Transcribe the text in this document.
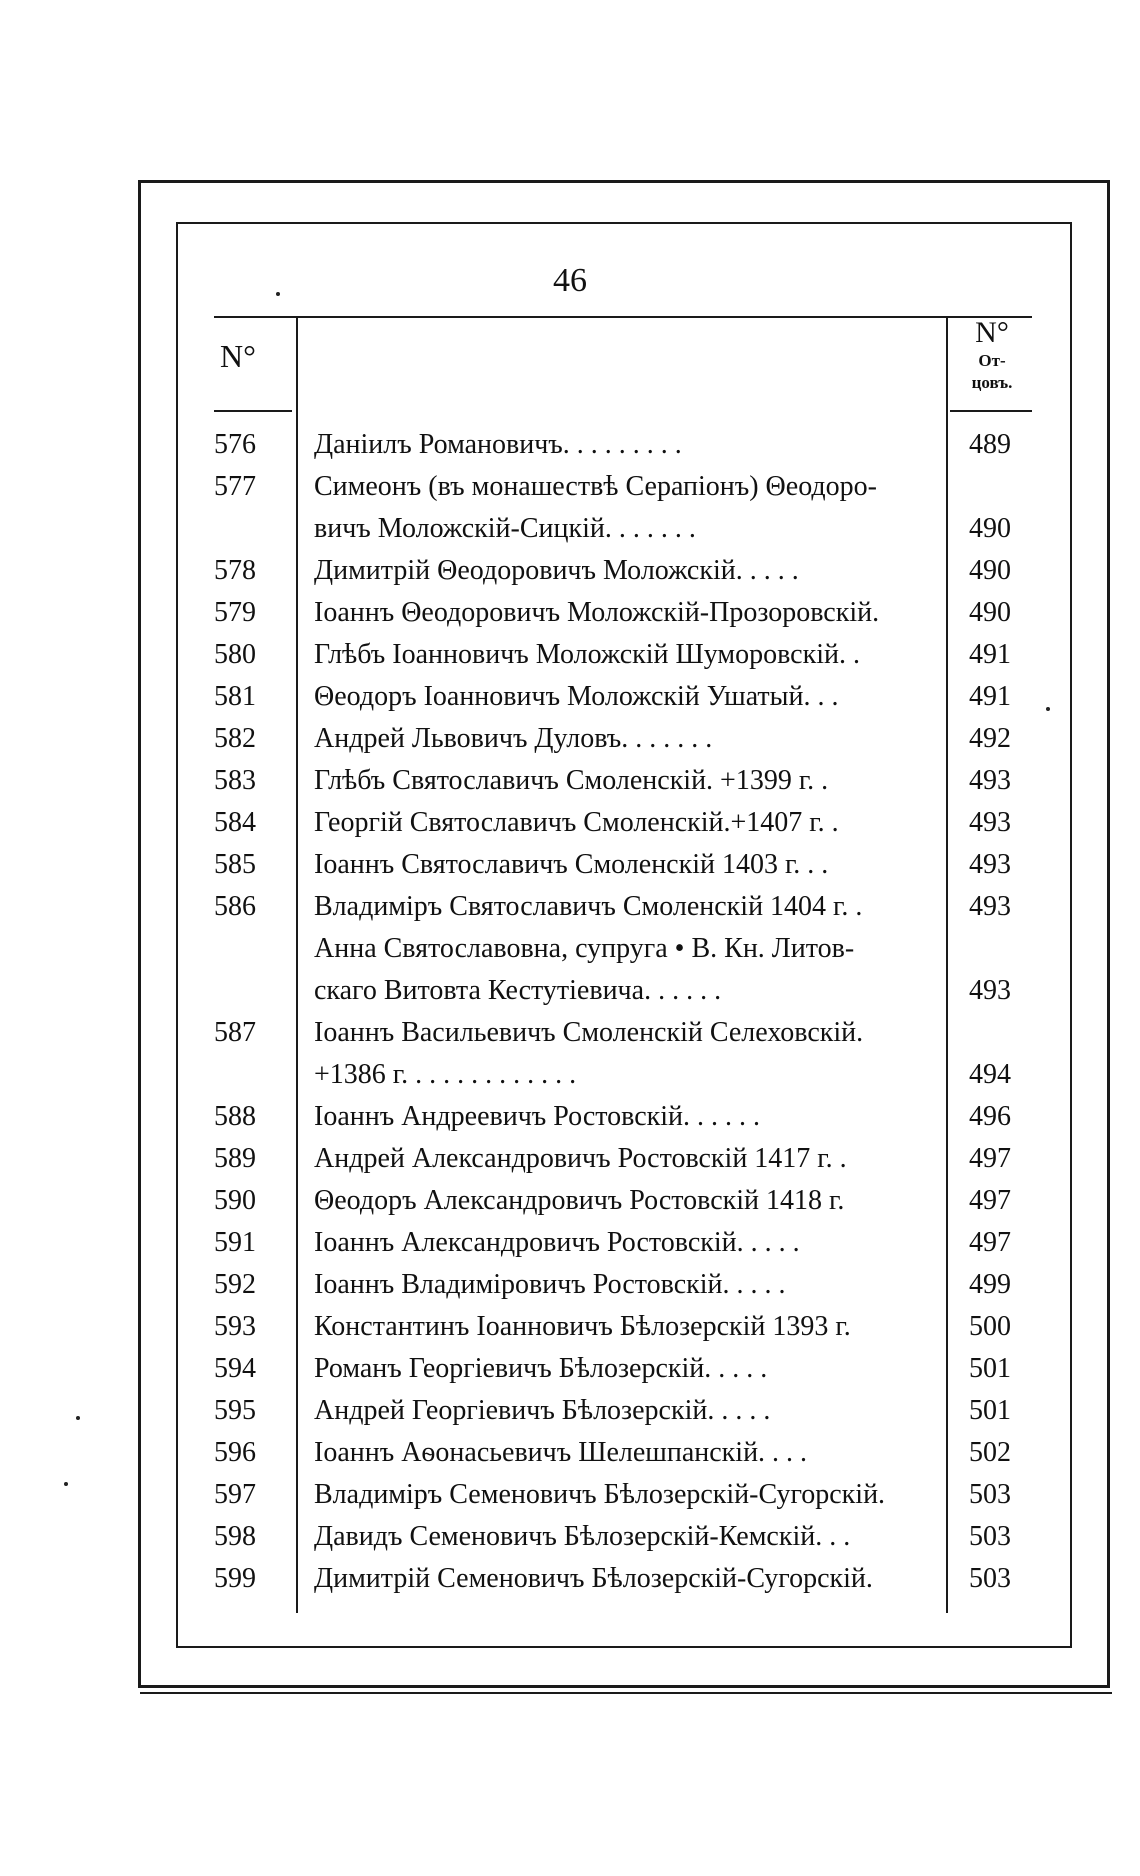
46
N°
N°
От-
цовъ.
576	Даніилъ Романовичъ. . . . . . . . .	489
577	Симеонъ (въ монашествѣ Серапіонъ) Θеодоро-
вичъ Моложскій-Сицкій. . . . . . .	490
578	Димитрій Θеодоровичъ Моложскій. . . . .	490
579	Іоаннъ Θеодоровичъ Моложскій-Прозоровскій.	490
580	Глѣбъ Іоанновичъ Моложскій Шуморовскій. .	491
581	Θеодоръ Іоанновичъ Моложскій Ушатый. . .	491
582	Андрей Львовичъ Дуловъ. . . . . . .	492
583	Глѣбъ Святославичъ Смоленскій. +1399 г. .	493
584	Георгій Святославичъ Смоленскій.+1407 г. .	493
585	Іоаннъ Святославичъ Смоленскій 1403 г. . .	493
586	Владиміръ Святославичъ Смоленскій 1404 г. .	493
Анна Святославовна, супруга • В. Кн. Литов-
скаго Витовта Кестутіевича. . . . . .	493
587	Іоаннъ Васильевичъ Смоленскій Селеховскій.
+1386 г. . . . . . . . . . . . .	494
588	Іоаннъ Андреевичъ Ростовскій. . . . . .	496
589	Андрей Александровичъ Ростовскій 1417 г. .	497
590	Θеодоръ Александровичъ Ростовскій 1418 г.	497
591	Іоаннъ Александровичъ Ростовскій. . . . .	497
592	Іоаннъ Владиміровичъ Ростовскій. . . . .	499
593	Константинъ Іоанновичъ Бѣлозерскій 1393 г.	500
594	Романъ Георгіевичъ Бѣлозерскій. . . . .	501
595	Андрей Георгіевичъ Бѣлозерскій. . . . .	501
596	Іоаннъ Аѳонасьевичъ Шелешпанскій. . . .	502
597	Владиміръ Семеновичъ Бѣлозерскій-Сугорскій.	503
598	Давидъ Семеновичъ Бѣлозерскій-Кемскій. . .	503
599	Димитрій Семеновичъ Бѣлозерскій-Сугорскій.	503
